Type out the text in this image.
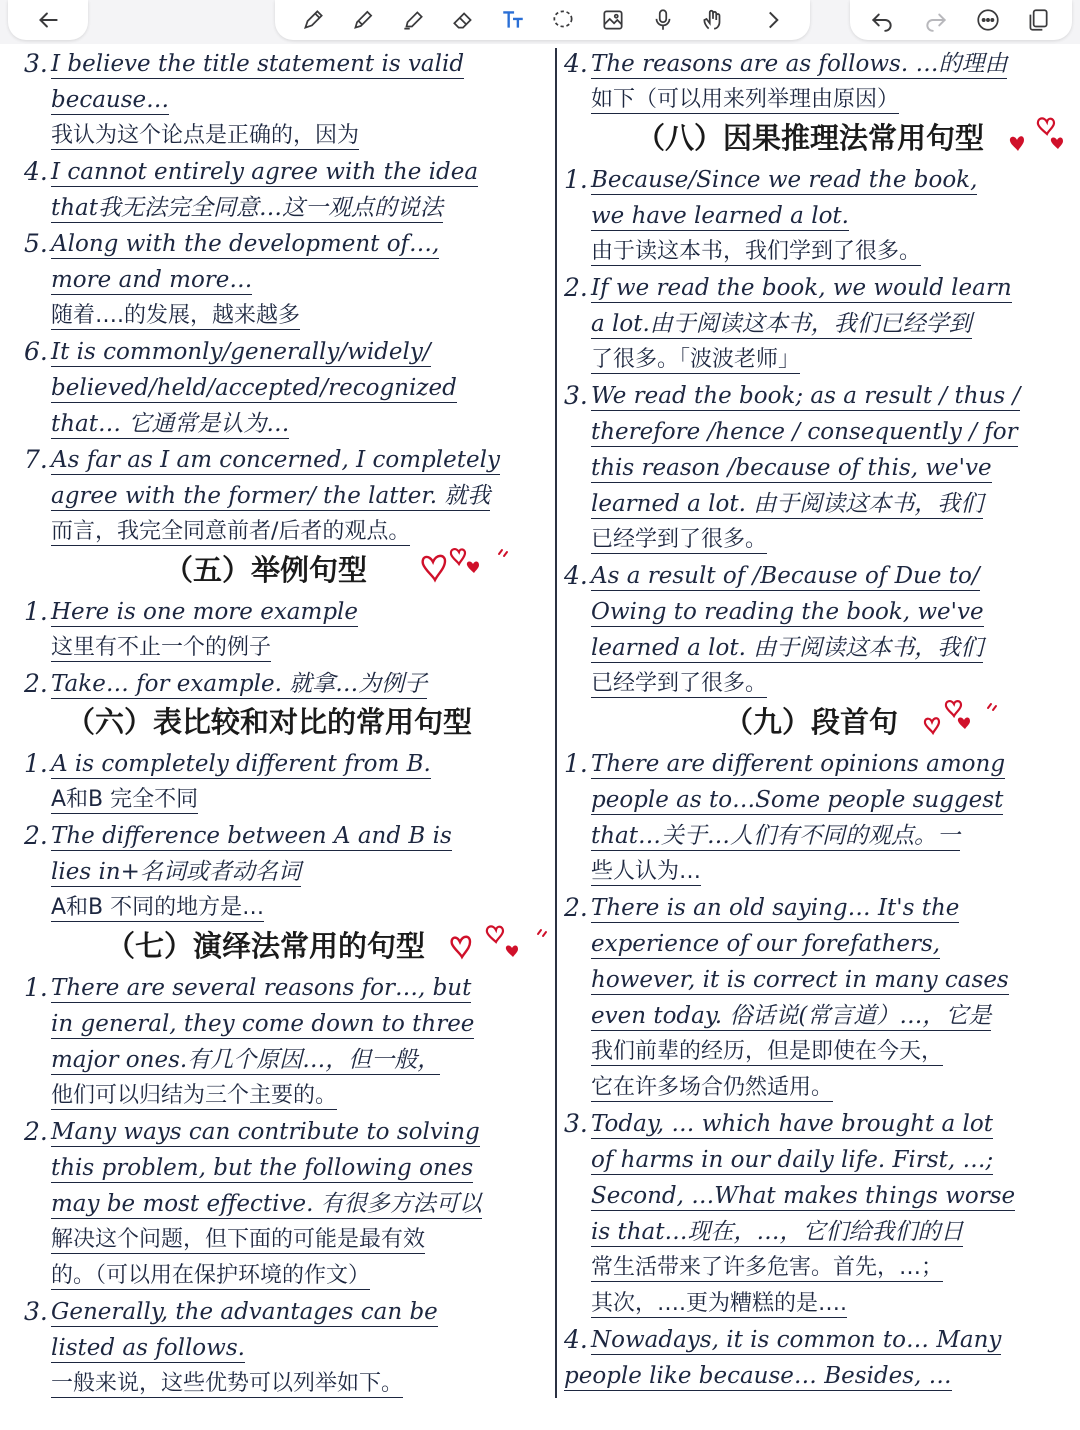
3. I believe the title statement is valid
because…
我认为这个论点是正确的，因为
4. I cannot entirely agree with the idea
that我无法完全同意…这一观点的说法
5. Along with the development of…,
more and more…
随着….的发展，越来越多
6. It is commonly/generally/widely/
believed/held/accepted/recognized
that… 它通常是认为…
7. As far as I am concerned, I completely
agree with the former/ the latter. 就我
而言，我完全同意前者/后者的观点。
（五）举例句型
1. Here is one more example
这里有不止一个的例子
2. Take… for example. 就拿…为例子
（六）表比较和对比的常用句型
1. A is completely different from B.
A和B 完全不同
2. The difference between A and B is
lies in+名词或者动名词
A和B 不同的地方是…
（七）演绎法常用的句型
1. There are several reasons for…, but
in general, they come down to three
major ones.有几个原因…，但一般，
他们可以归结为三个主要的。
2. Many ways can contribute to solving
this problem, but the following ones
may be most effective. 有很多方法可以
解决这个问题，但下面的可能是最有效
的。（可以用在保护环境的作文）
3. Generally, the advantages can be
listed as follows.
一般来说，这些优势可以列举如下。
4. The reasons are as follows. …的理由
如下（可以用来列举理由原因）
（八）因果推理法常用句型
1. Because/Since we read the book,
we have learned a lot.
由于读这本书，我们学到了很多。
2. If we read the book, we would learn
a lot.由于阅读这本书，我们已经学到
了很多。「波波老师」
3. We read the book; as a result / thus /
therefore /hence / consequently / for
this reason /because of this, we've
learned a lot. 由于阅读这本书，我们
已经学到了很多。
4. As a result of /Because of Due to/
Owing to reading the book, we've
learned a lot. 由于阅读这本书，我们
已经学到了很多。
（九）段首句
1. There are different opinions among
people as to…Some people suggest
that…关于…人们有不同的观点。一
些人认为…
2. There is an old saying… It's the
experience of our forefathers,
however, it is correct in many cases
even today. 俗话说(常言道）…，它是
我们前辈的经历，但是即使在今天，
它在许多场合仍然适用。
3. Today, … which have brought a lot
of harms in our daily life. First, …;
Second, …What makes things worse
is that…现在，…，它们给我们的日
常生活带来了许多危害。首先，…；
其次，….更为糟糕的是….
4. Nowadays, it is common to… Many
people like because… Besides, …
